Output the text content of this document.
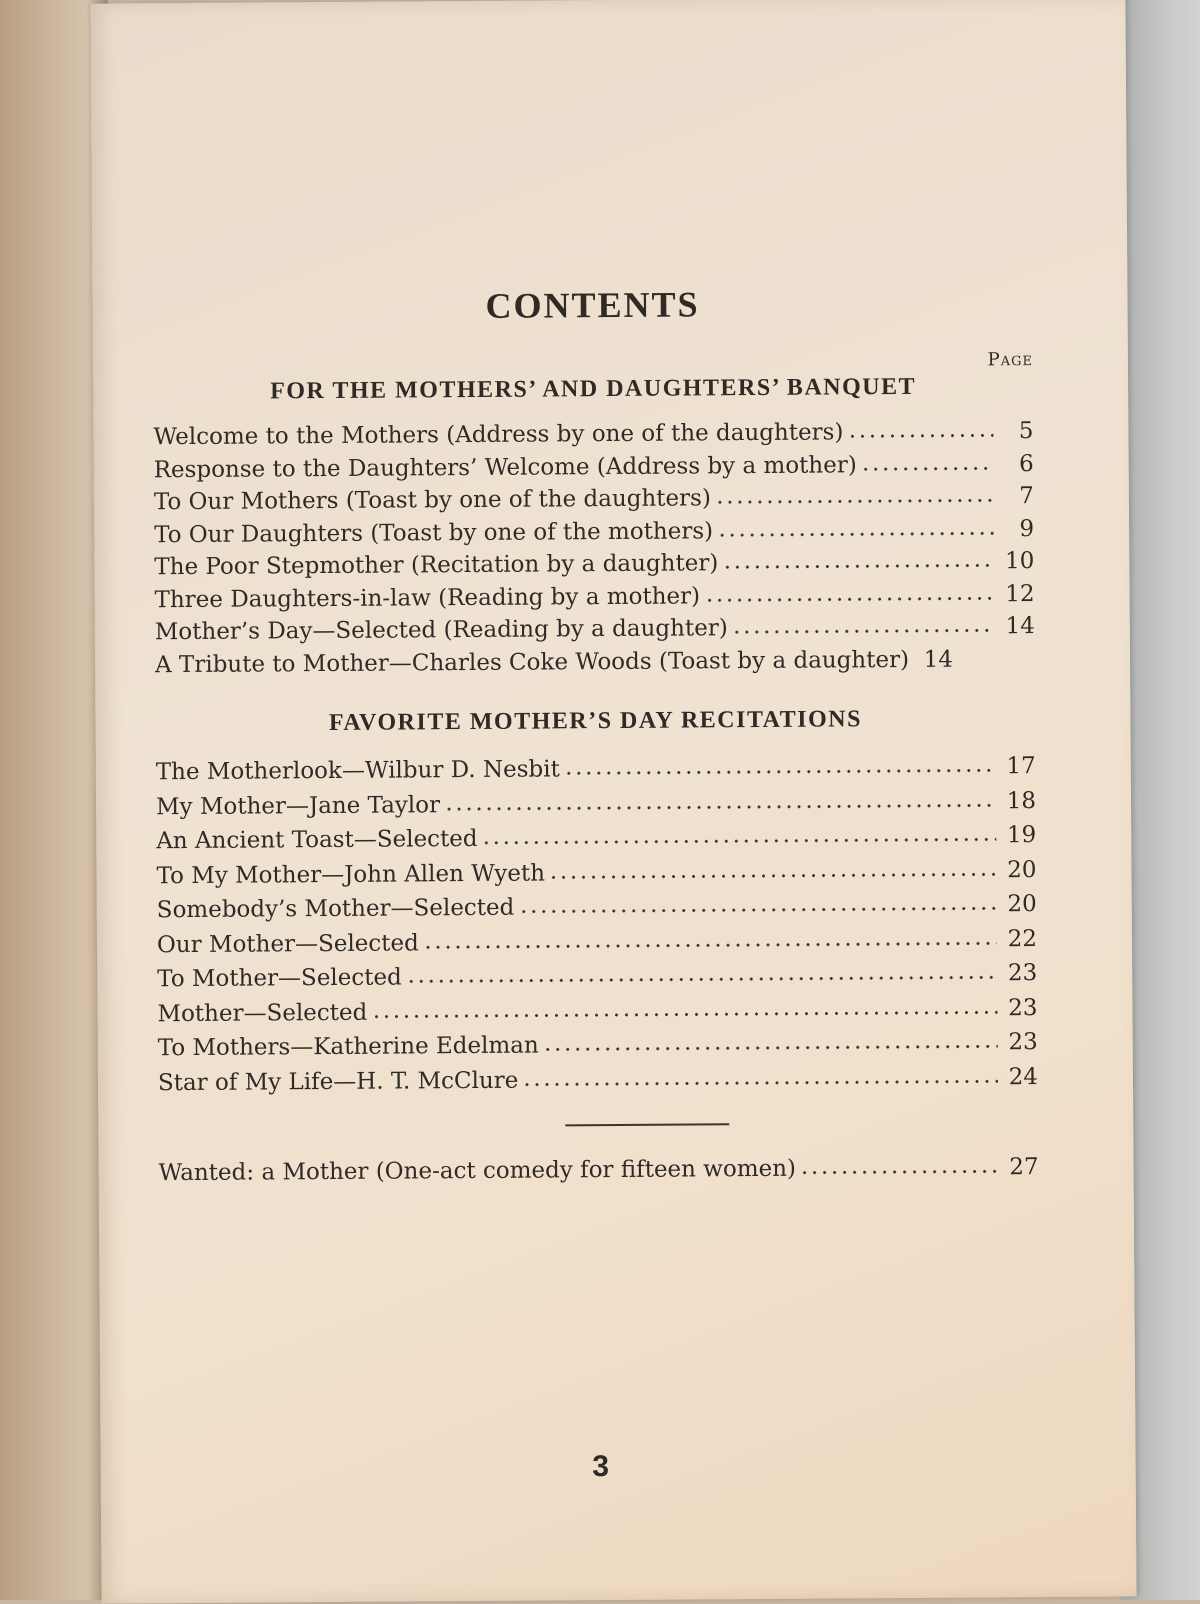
CONTENTS
Page
FOR THE MOTHERS’ AND DAUGHTERS’ BANQUET
Welcome to the Mothers (Address by one of the daughters)	5
Response to the Daughters’ Welcome (Address by a mother)	6
To Our Mothers (Toast by one of the daughters)	7
To Our Daughters (Toast by one of the mothers)	9
The Poor Stepmother (Recitation by a daughter)	10
Three Daughters-in-law (Reading by a mother)	12
Mother’s Day—Selected (Reading by a daughter)	14
A Tribute to Mother—Charles Coke Woods (Toast by a daughter) 14
FAVORITE MOTHER’S DAY RECITATIONS
The Motherlook—Wilbur D. Nesbit	17
My Mother—Jane Taylor	18
An Ancient Toast—Selected	19
To My Mother—John Allen Wyeth	20
Somebody’s Mother—Selected	20
Our Mother—Selected	22
To Mother—Selected	23
Mother—Selected	23
To Mothers—Katherine Edelman	23
Star of My Life—H. T. McClure	24
Wanted: a Mother (One-act comedy for fifteen women)	27
3
